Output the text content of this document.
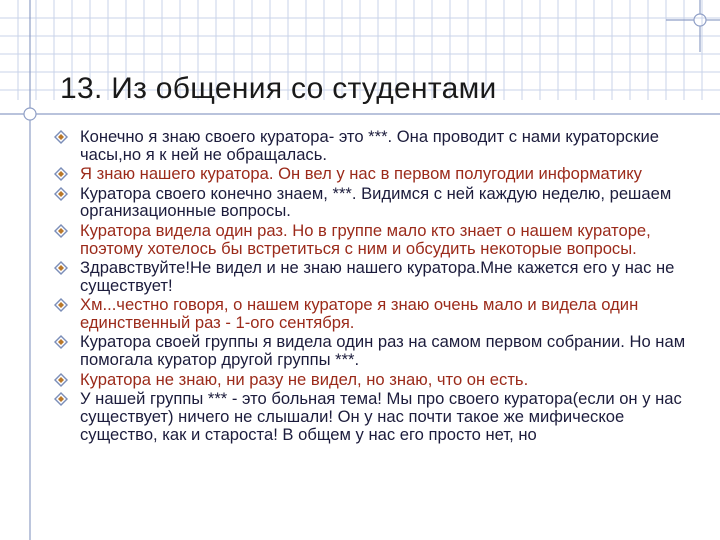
13. Из общения со студентами
Конечно я знаю своего куратора- это ***. Она проводит с нами кураторские часы,но я к ней не обращалась.
Я знаю нашего куратора. Он вел у нас в первом полугодии информатику
Куратора своего конечно знаем, ***. Видимся с ней каждую неделю, решаем организационные вопросы.
Куратора видела один раз. Но в группе мало кто знает о нашем кураторе, поэтому хотелось бы встретиться с ним и обсудить некоторые вопросы.
Здравствуйте!Не видел и не знаю нашего куратора.Мне кажется его у нас не существует!
Хм...честно говоря, о нашем кураторе я знаю очень мало и видела один единственный раз - 1-ого сентября.
Куратора своей группы я видела один раз на самом первом собрании. Но нам помогала куратор другой группы ***.
Куратора не знаю, ни разу не видел, но знаю, что он есть.
У нашей группы *** - это больная тема! Мы про своего куратора(если он у нас существует) ничего не слышали! Он у нас почти такое же мифическое существо, как и староста! В общем у нас его просто нет, но
